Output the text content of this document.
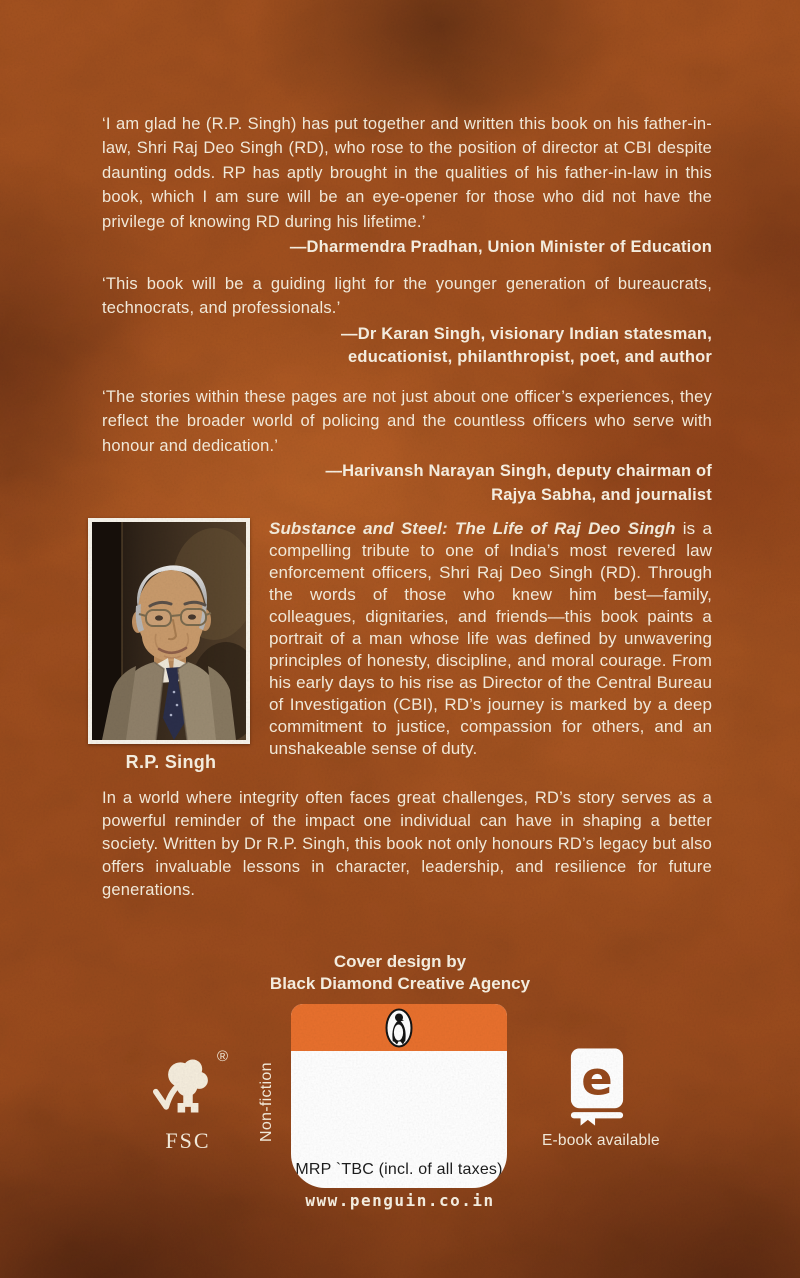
‘I am glad he (R.P. Singh) has put together and written this book on his father-in-law, Shri Raj Deo Singh (RD), who rose to the position of director at CBI despite daunting odds. RP has aptly brought in the qualities of his father-in-law in this book, which I am sure will be an eye-opener for those who did not have the privilege of knowing RD during his lifetime.’

—Dharmendra Pradhan, Union Minister of Education

‘This book will be a guiding light for the younger generation of bureaucrats, technocrats, and professionals.’

—Dr Karan Singh, visionary Indian statesman, educationist, philanthropist, poet, and author

‘The stories within these pages are not just about one officer’s experiences, they reflect the broader world of policing and the countless officers who serve with honour and dedication.’

—Harivansh Narayan Singh, deputy chairman of Rajya Sabha, and journalist
R.P. Singh

Substance and Steel: The Life of Raj Deo Singh is a compelling tribute to one of India’s most revered law enforcement officers, Shri Raj Deo Singh (RD). Through the words of those who knew him best—family, colleagues, dignitaries, and friends—this book paints a portrait of a man whose life was defined by unwavering principles of honesty, discipline, and moral courage. From his early days to his rise as Director of the Central Bureau of Investigation (CBI), RD’s journey is marked by a deep commitment to justice, compassion for others, and an unshakeable sense of duty.

In a world where integrity often faces great challenges, RD’s story serves as a powerful reminder of the impact one individual can have in shaping a better society. Written by Dr R.P. Singh, this book not only honours RD’s legacy but also offers invaluable lessons in character, leadership, and resilience for future generations.

Cover design by
Black Diamond Creative Agency
®
FSC	Non-fiction
MRP `TBC (incl. of all taxes)
E-book available
www.penguin.co.in
